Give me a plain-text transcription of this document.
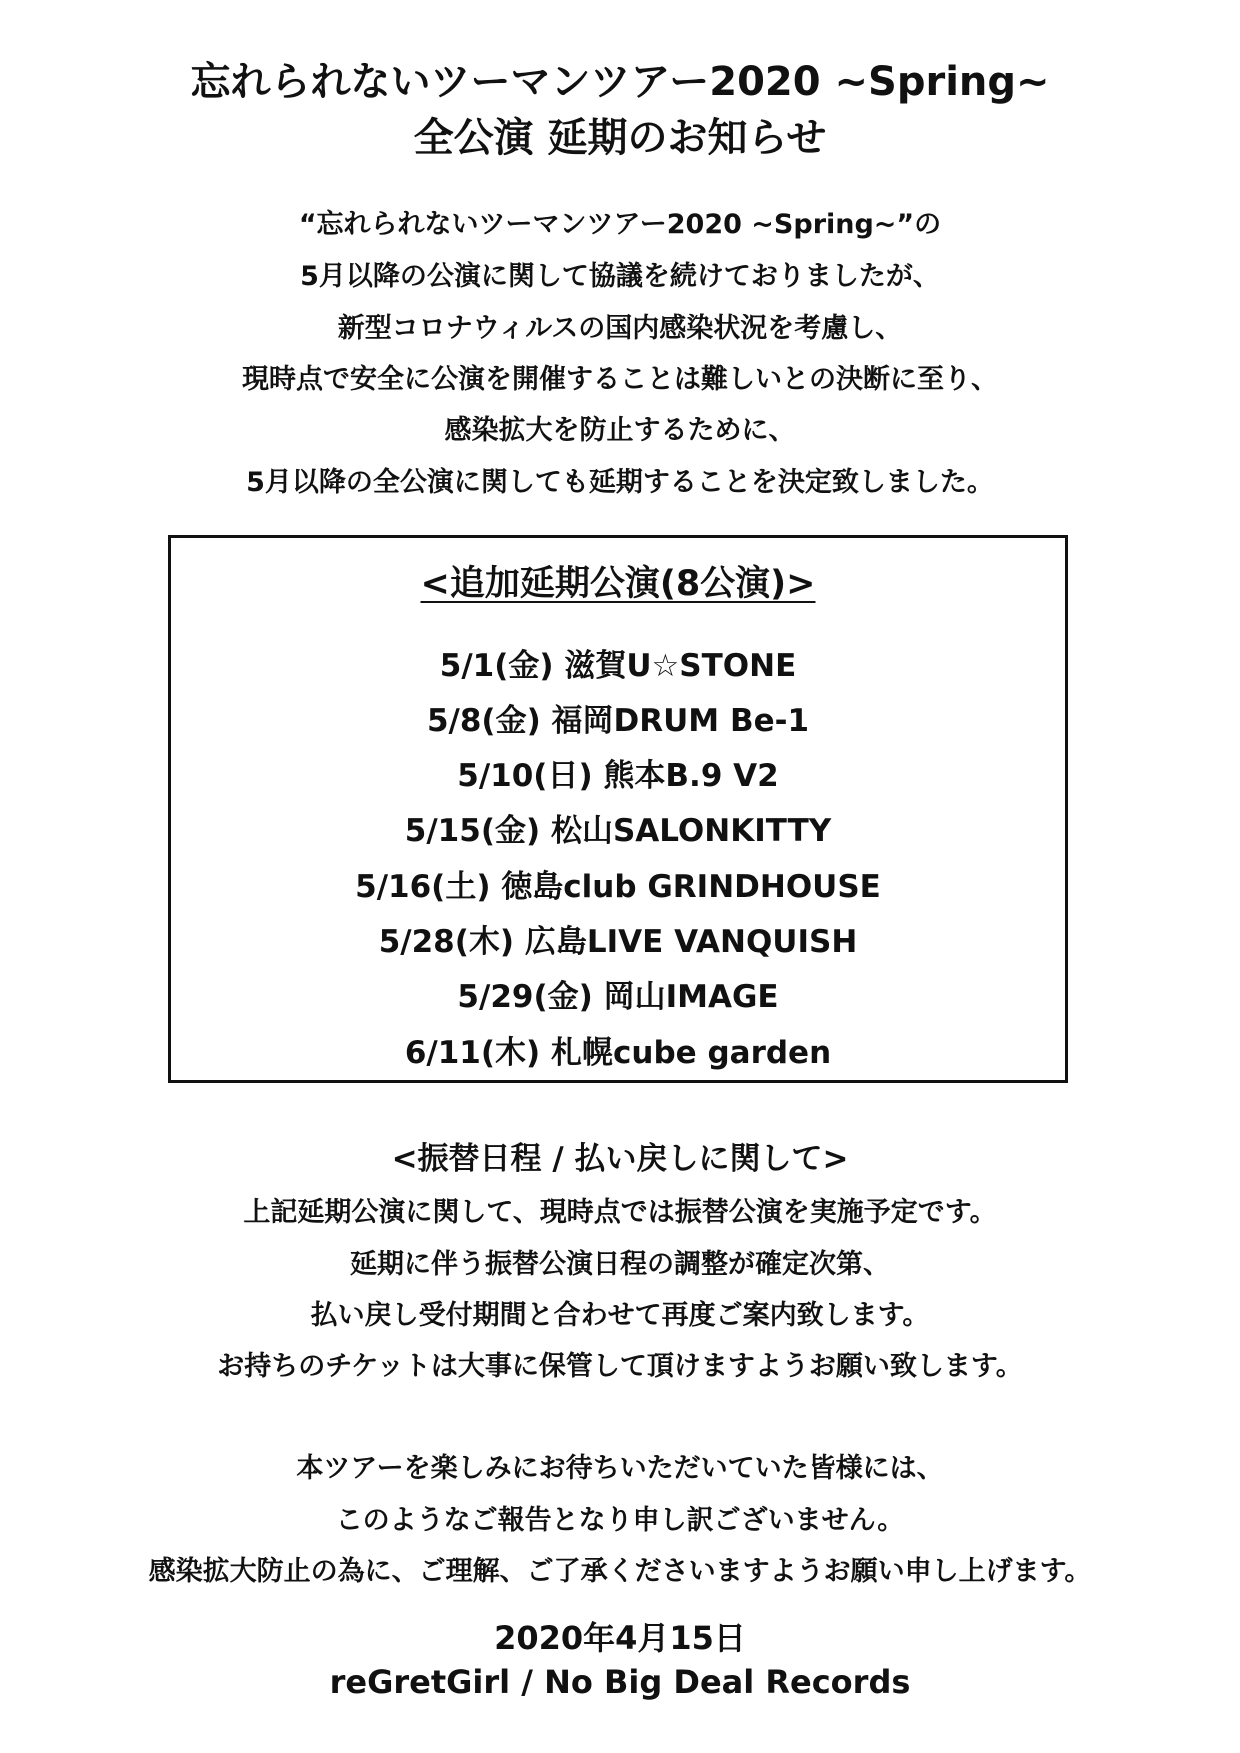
忘れられないツーマンツアー2020 ~Spring~
全公演 延期のお知らせ
“忘れられないツーマンツアー2020 ~Spring~”の
5月以降の公演に関して協議を続けておりましたが、
新型コロナウィルスの国内感染状況を考慮し、
現時点で安全に公演を開催することは難しいとの決断に至り、
感染拡大を防止するために、
5月以降の全公演に関しても延期することを決定致しました。
<追加延期公演(8公演)>
5/1(金) 滋賀U☆STONE
5/8(金) 福岡DRUM Be-1
5/10(日) 熊本B.9 V2
5/15(金) 松山SALONKITTY
5/16(土) 徳島club GRINDHOUSE
5/28(木) 広島LIVE VANQUISH
5/29(金) 岡山IMAGE
6/11(木) 札幌cube garden
<振替日程 / 払い戻しに関して>
上記延期公演に関して、現時点では振替公演を実施予定です。
延期に伴う振替公演日程の調整が確定次第、
払い戻し受付期間と合わせて再度ご案内致します。
お持ちのチケットは大事に保管して頂けますようお願い致します。
本ツアーを楽しみにお待ちいただいていた皆様には、
このようなご報告となり申し訳ございません。
感染拡大防止の為に、ご理解、ご了承くださいますようお願い申し上げます。
2020年4月15日
reGretGirl / No Big Deal Records
